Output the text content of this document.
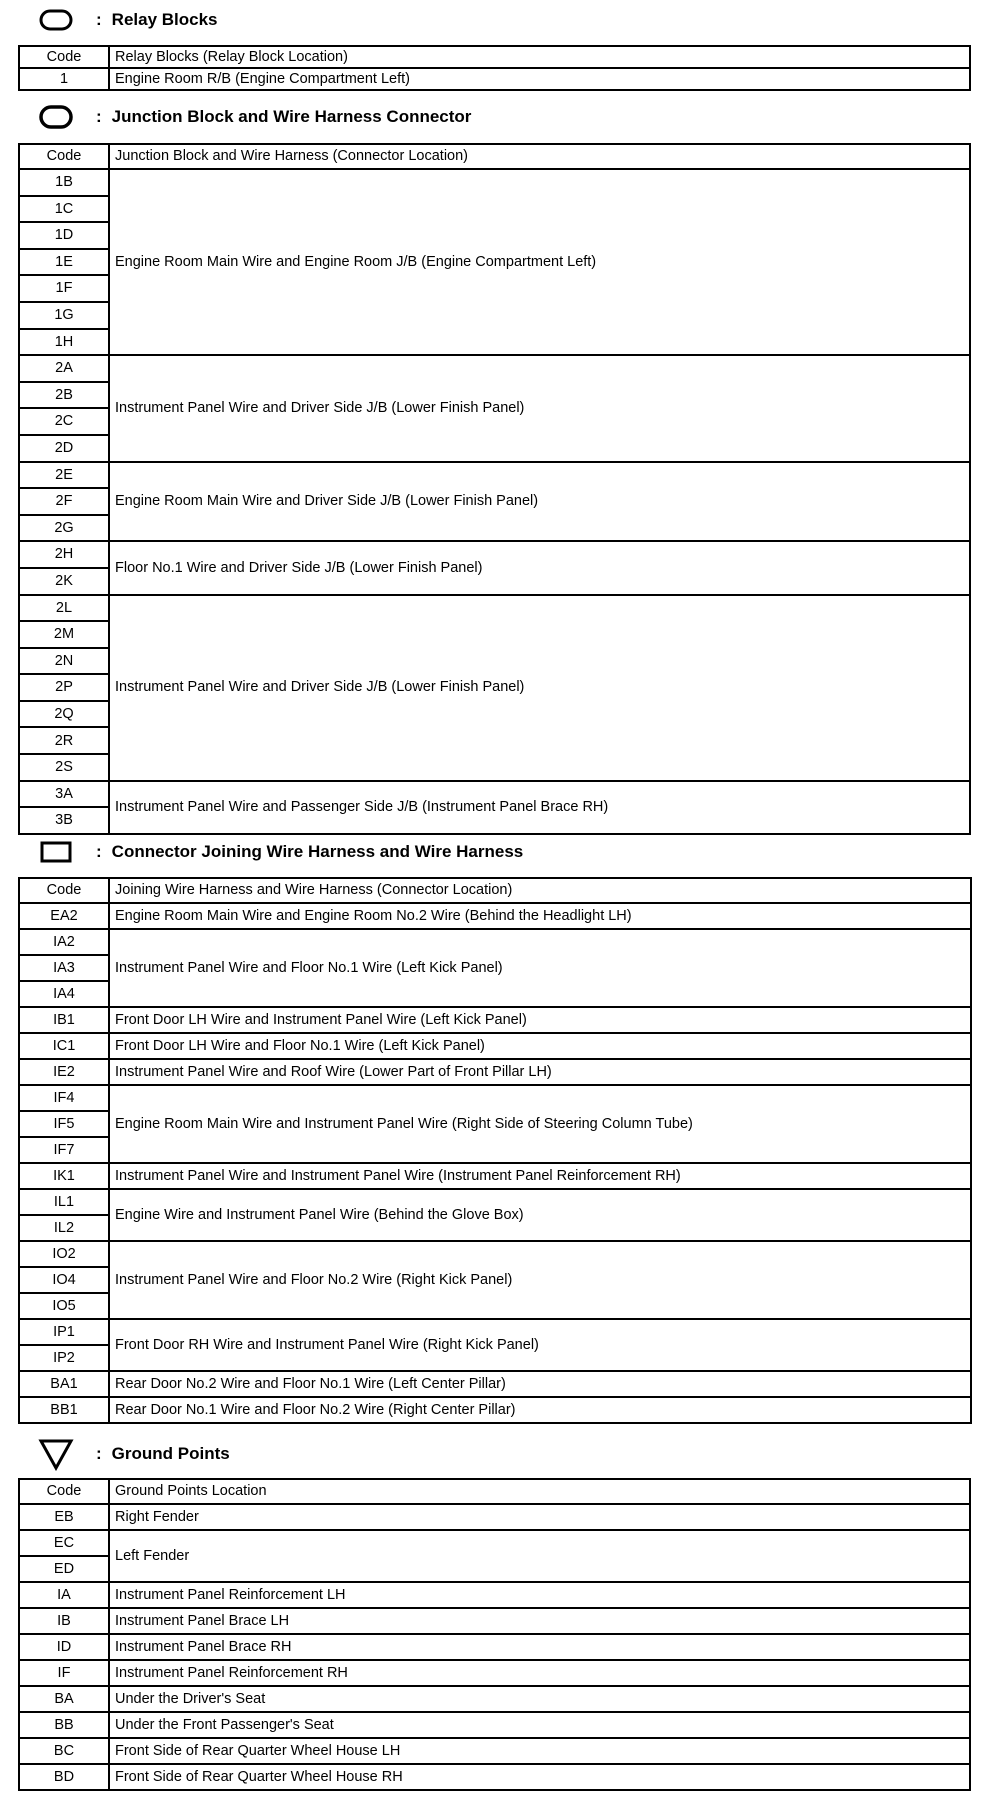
: Relay Blocks
Code	Relay Blocks (Relay Block Location)
1	Engine Room R/B (Engine Compartment Left)
: Junction Block and Wire Harness Connector
Code	Junction Block and Wire Harness (Connector Location)
1B	Engine Room Main Wire and Engine Room J/B (Engine Compartment Left)
1C	
1D	
1E	
1F	
1G	
1H	
2A	Instrument Panel Wire and Driver Side J/B (Lower Finish Panel)
2B	
2C	
2D	
2E	Engine Room Main Wire and Driver Side J/B (Lower Finish Panel)
2F	
2G	
2H	Floor No.1 Wire and Driver Side J/B (Lower Finish Panel)
2K	
2L	Instrument Panel Wire and Driver Side J/B (Lower Finish Panel)
2M	
2N	
2P	
2Q	
2R	
2S	
3A	Instrument Panel Wire and Passenger Side J/B (Instrument Panel Brace RH)
3B	
: Connector Joining Wire Harness and Wire Harness
Code	Joining Wire Harness and Wire Harness (Connector Location)
EA2	Engine Room Main Wire and Engine Room No.2 Wire (Behind the Headlight LH)
IA2	Instrument Panel Wire and Floor No.1 Wire (Left Kick Panel)
IA3	
IA4	
IB1	Front Door LH Wire and Instrument Panel Wire (Left Kick Panel)
IC1	Front Door LH Wire and Floor No.1 Wire (Left Kick Panel)
IE2	Instrument Panel Wire and Roof Wire (Lower Part of Front Pillar LH)
IF4	Engine Room Main Wire and Instrument Panel Wire (Right Side of Steering Column Tube)
IF5	
IF7	
IK1	Instrument Panel Wire and Instrument Panel Wire (Instrument Panel Reinforcement RH)
IL1	Engine Wire and Instrument Panel Wire (Behind the Glove Box)
IL2	
IO2	Instrument Panel Wire and Floor No.2 Wire (Right Kick Panel)
IO4	
IO5	
IP1	Front Door RH Wire and Instrument Panel Wire (Right Kick Panel)
IP2	
BA1	Rear Door No.2 Wire and Floor No.1 Wire (Left Center Pillar)
BB1	Rear Door No.1 Wire and Floor No.2 Wire (Right Center Pillar)
: Ground Points
Code	Ground Points Location
EB	Right Fender
EC	Left Fender
ED	
IA	Instrument Panel Reinforcement LH
IB	Instrument Panel Brace LH
ID	Instrument Panel Brace RH
IF	Instrument Panel Reinforcement RH
BA	Under the Driver's Seat
BB	Under the Front Passenger's Seat
BC	Front Side of Rear Quarter Wheel House LH
BD	Front Side of Rear Quarter Wheel House RH
